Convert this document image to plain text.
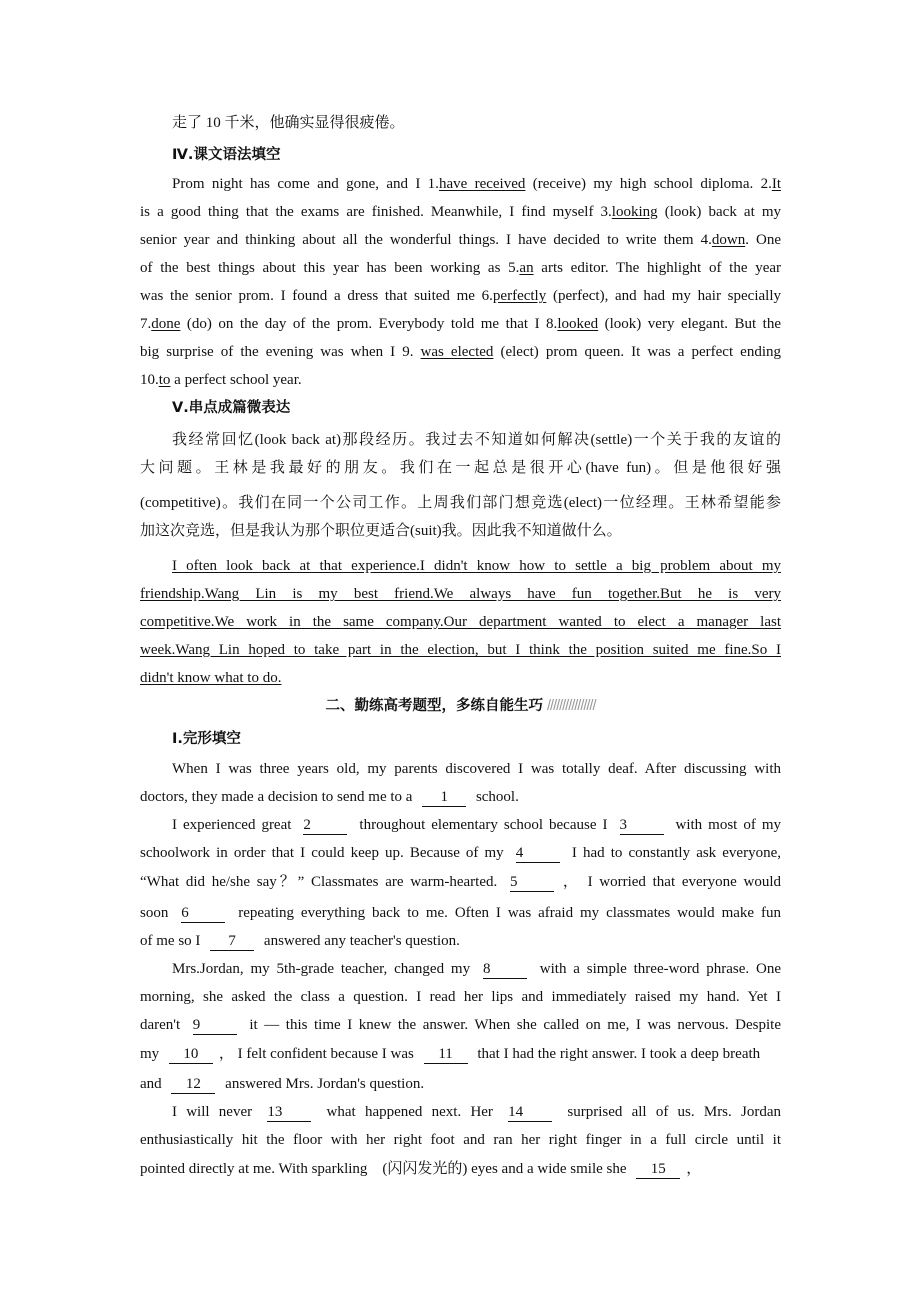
走了 10 千米，他确实显得很疲倦。
Ⅳ.课文语法填空
Prom night has come and gone, and I 1.have received (receive) my high school diploma. 2.It
is a good thing that the exams are finished. Meanwhile, I find myself 3.looking (look) back at my
senior year and thinking about all the wonderful things. I have decided to write them 4.down. One
of the best things about this year has been working as 5.an arts editor. The highlight of the year
was the senior prom. I found a dress that suited me 6.perfectly (perfect), and had my hair specially
7.done (do) on the day of the prom. Everybody told me that I 8.looked (look) very elegant. But the
big surprise of the evening was when I 9. was elected (elect) prom queen. It was a perfect ending
10.to a perfect school year.
Ⅴ.串点成篇微表达
我经常回忆(look back at)那段经历。我过去不知道如何解决(settle)一个关于我的友谊的
大问题。王林是我最好的朋友。我们在一起总是很开心(have fun)。但是他很好强
(competitive)。我们在同一个公司工作。上周我们部门想竞选(elect)一位经理。王林希望能参
加这次竞选，但是我认为那个职位更适合(suit)我。因此我不知道做什么。
I often look back at that experience.I didn't know how to settle a big problem about my
friendship.Wang Lin is my best friend.We always have fun together.But he is very
competitive.We work in the same company.Our department wanted to elect a manager last
week.Wang Lin hoped to take part in the election, but I think the position suited me fine.So I
didn't know what to do.
二、勤练高考题型，多练自能生巧 ////////////////
Ⅰ.完形填空
When I was three years old, my parents discovered I was totally deaf. After discussing with
doctors, they made a decision to send me to a 1 school.
I experienced great 2	throughout elementary school because I 3	with most of my
schoolwork in order that I could keep up. Because of my 4	I had to constantly ask everyone,
“What did he/she say？” Classmates are warm-hearted. 5	， I worried that everyone would
soon 6	repeating everything back to me. Often I was afraid my classmates would make fun
of me so I 7 answered any teacher's question.
Mrs.Jordan, my 5th-grade teacher, changed my 8	with a simple three-word phrase. One
morning, she asked the class a question. I read her lips and immediately raised my hand. Yet I
daren't 9	it — this time I knew the answer. When she called on me, I was nervous. Despite
my 10 ， I felt confident because I was 11 that I had the right answer. I took a deep breath
and 12 answered Mrs. Jordan's question.
I will never 13 what happened next. Her 14 surprised all of us. Mrs. Jordan
enthusiastically hit the floor with her right foot and ran her right finger in a full circle until it
pointed directly at me. With sparkling　(闪闪发光的) eyes and a wide smile she 15 ，
